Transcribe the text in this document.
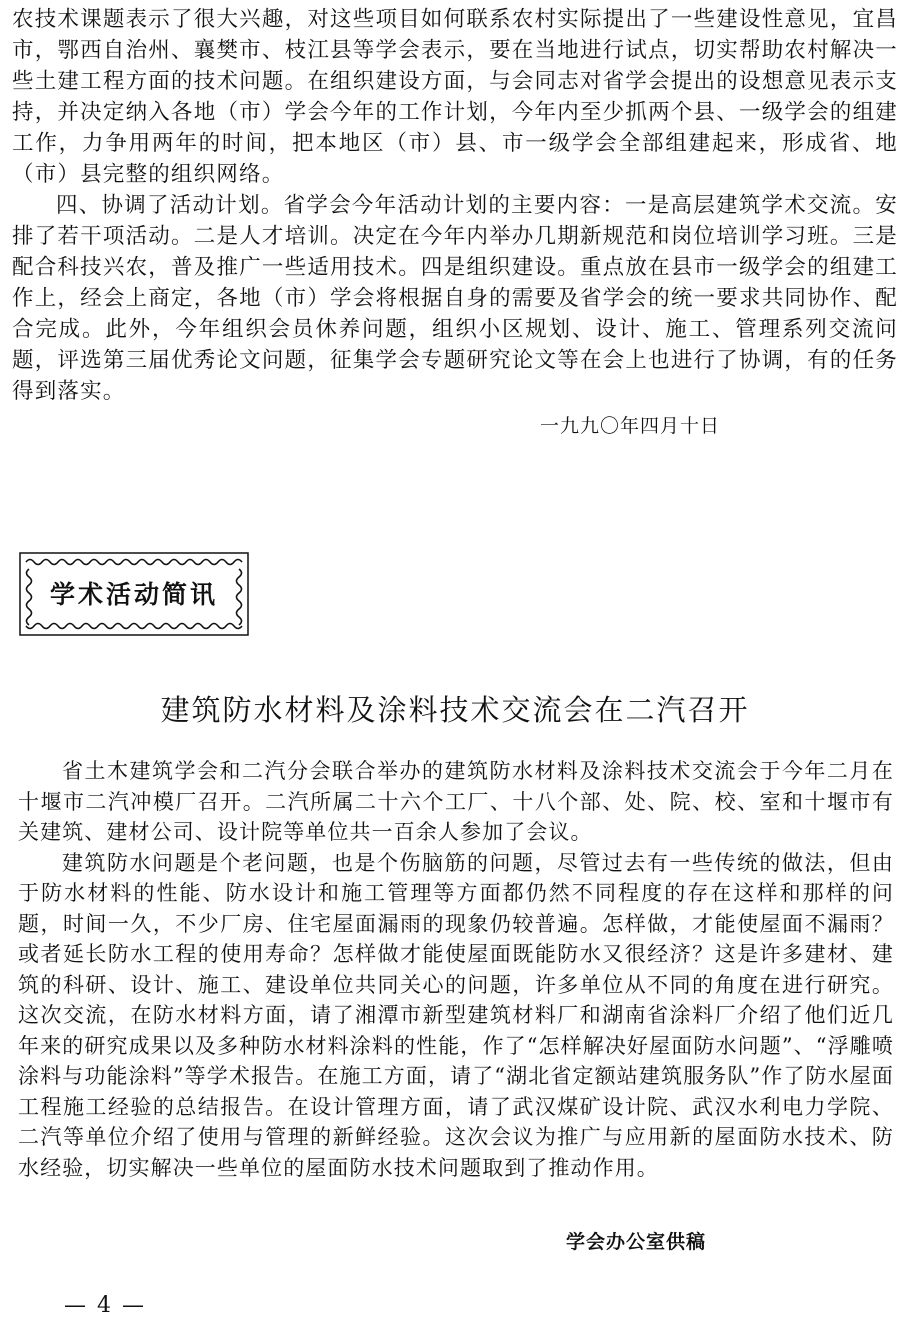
农技术课题表示了很大兴趣，对这些项目如何联系农村实际提出了一些建设性意见，宜昌市，鄂西自治州、襄樊市、枝江县等学会表示，要在当地进行试点，切实帮助农村解决一些土建工程方面的技术问题。在组织建设方面，与会同志对省学会提出的设想意见表示支持，并决定纳入各地（市）学会今年的工作计划，今年内至少抓两个县、一级学会的组建工作，力争用两年的时间，把本地区（市）县、市一级学会全部组建起来，形成省、地（市）县完整的组织网络。

四、协调了活动计划。省学会今年活动计划的主要内容：一是高层建筑学术交流。安排了若干项活动。二是人才培训。决定在今年内举办几期新规范和岗位培训学习班。三是配合科技兴农，普及推广一些适用技术。四是组织建设。重点放在县市一级学会的组建工作上，经会上商定，各地（市）学会将根据自身的需要及省学会的统一要求共同协作、配合完成。此外，今年组织会员休养问题，组织小区规划、设计、施工、管理系列交流问题，评选第三届优秀论文问题，征集学会专题研究论文等在会上也进行了协调，有的任务得到落实。

一九九〇年四月十日
学术活动简讯
建筑防水材料及涂料技术交流会在二汽召开

省土木建筑学会和二汽分会联合举办的建筑防水材料及涂料技术交流会于今年二月在十堰市二汽冲模厂召开。二汽所属二十六个工厂、十八个部、处、院、校、室和十堰市有关建筑、建材公司、设计院等单位共一百余人参加了会议。

建筑防水问题是个老问题，也是个伤脑筋的问题，尽管过去有一些传统的做法，但由于防水材料的性能、防水设计和施工管理等方面都仍然不同程度的存在这样和那样的问题，时间一久，不少厂房、住宅屋面漏雨的现象仍较普遍。怎样做，才能使屋面不漏雨？或者延长防水工程的使用寿命？怎样做才能使屋面既能防水又很经济？这是许多建材、建筑的科研、设计、施工、建设单位共同关心的问题，许多单位从不同的角度在进行研究。这次交流，在防水材料方面，请了湘潭市新型建筑材料厂和湖南省涂料厂介绍了他们近几年来的研究成果以及多种防水材料涂料的性能，作了“怎样解决好屋面防水问题”、“浮雕喷涂料与功能涂料”等学术报告。在施工方面，请了“湖北省定额站建筑服务队”作了防水屋面工程施工经验的总结报告。在设计管理方面，请了武汉煤矿设计院、武汉水利电力学院、二汽等单位介绍了使用与管理的新鲜经验。这次会议为推广与应用新的屋面防水技术、防水经验，切实解决一些单位的屋面防水技术问题取到了推动作用。

学会办公室供稿
— 4 —
